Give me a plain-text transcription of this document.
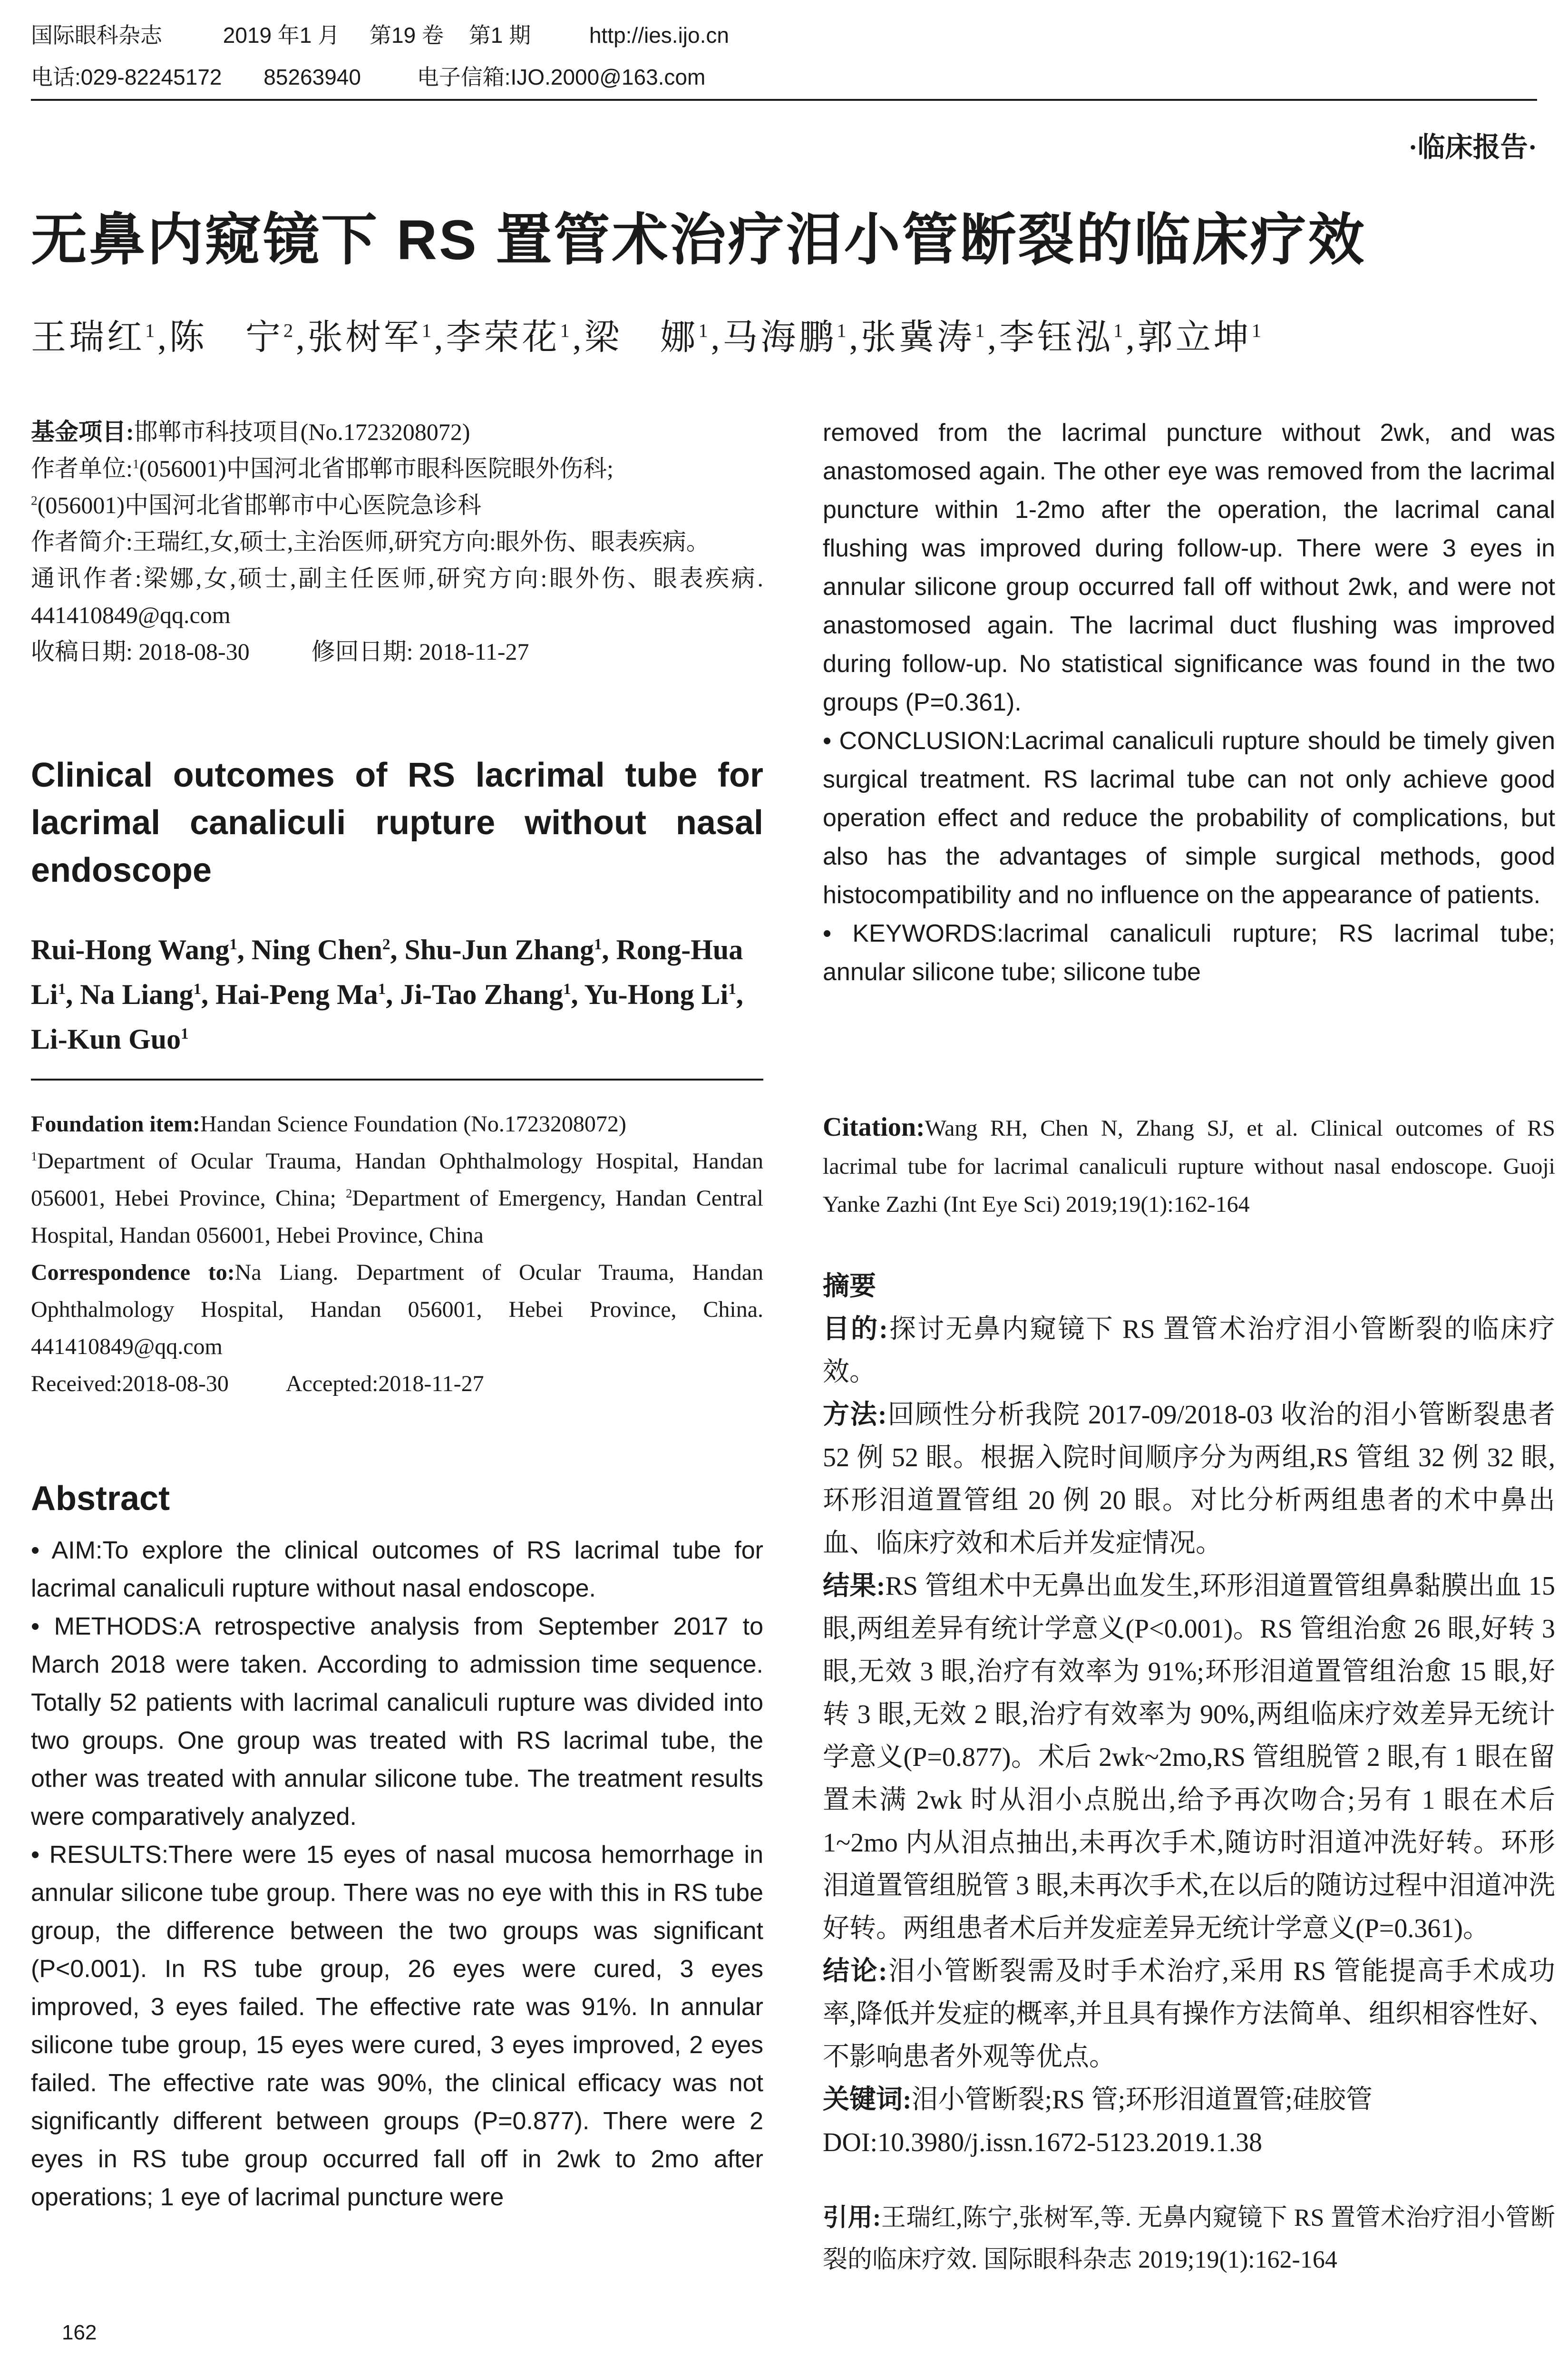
国际眼科杂志	2019 年1 月 第19 卷 第1 期	http://ies.ijo.cn
电话:029-82245172 85263940	电子信箱:IJO.2000@163.com
·临床报告·
无鼻内窥镜下 RS 置管术治疗泪小管断裂的临床疗效
王瑞红$^1$,陈　宁$^2$,张树军$^1$,李荣花$^1$,梁　娜$^1$,马海鹏$^1$,张冀涛$^1$,李钰泓$^1$,郭立坤$^1$

基金项目:邯郸市科技项目(No.1723208072)

作者单位:$^1$(056001)中国河北省邯郸市眼科医院眼外伤科;
$^2$(056001)中国河北省邯郸市中心医院急诊科

作者简介:王瑞红,女,硕士,主治医师,研究方向:眼外伤、眼表疾病。

通讯作者:梁娜,女,硕士,副主任医师,研究方向:眼外伤、眼表疾病. 441410849@qq.com

收稿日期: 2018-08-30	修回日期: 2018-11-27

Clinical outcomes of RS lacrimal tube for lacrimal canaliculi rupture without nasal endoscope
Rui-Hong Wang$^1$, Ning Chen$^2$, Shu-Jun Zhang$^1$, Rong-Hua Li$^1$, Na Liang$^1$, Hai-Peng Ma$^1$, Ji-Tao Zhang$^1$, Yu-Hong Li$^1$, Li-Kun Guo$^1$

Foundation item:Handan Science Foundation (No.1723208072)

$^1$Department of Ocular Trauma, Handan Ophthalmology Hospital, Handan 056001, Hebei Province, China; $^2$Department of Emergency, Handan Central Hospital, Handan 056001, Hebei Province, China

Correspondence to:Na Liang. Department of Ocular Trauma, Handan Ophthalmology Hospital, Handan 056001, Hebei Province, China. 441410849@qq.com

Received:2018-08-30	Accepted:2018-11-27

Abstract

• AIM:To explore the clinical outcomes of RS lacrimal tube for lacrimal canaliculi rupture without nasal endoscope.

• METHODS:A retrospective analysis from September 2017 to March 2018 were taken. According to admission time sequence. Totally 52 patients with lacrimal canaliculi rupture was divided into two groups. One group was treated with RS lacrimal tube, the other was treated with annular silicone tube. The treatment results were comparatively analyzed.

• RESULTS:There were 15 eyes of nasal mucosa hemorrhage in annular silicone tube group. There was no eye with this in RS tube group, the difference between the two groups was significant (P<0.001). In RS tube group, 26 eyes were cured, 3 eyes improved, 3 eyes failed. The effective rate was 91%. In annular silicone tube group, 15 eyes were cured, 3 eyes improved, 2 eyes failed. The effective rate was 90%, the clinical efficacy was not significantly different between groups (P=0.877). There were 2 eyes in RS tube group occurred fall off in 2wk to 2mo after operations; 1 eye of lacrimal puncture were

removed from the lacrimal puncture without 2wk, and was anastomosed again. The other eye was removed from the lacrimal puncture within 1-2mo after the operation, the lacrimal canal flushing was improved during follow-up. There were 3 eyes in annular silicone group occurred fall off without 2wk, and were not anastomosed again. The lacrimal duct flushing was improved during follow-up. No statistical significance was found in the two groups (P=0.361).

• CONCLUSION:Lacrimal canaliculi rupture should be timely given surgical treatment. RS lacrimal tube can not only achieve good operation effect and reduce the probability of complications, but also has the advantages of simple surgical methods, good histocompatibility and no influence on the appearance of patients.

• KEYWORDS:lacrimal canaliculi rupture; RS lacrimal tube; annular silicone tube; silicone tube

Citation:Wang RH, Chen N, Zhang SJ, et al. Clinical outcomes of RS lacrimal tube for lacrimal canaliculi rupture without nasal endoscope. Guoji Yanke Zazhi (Int Eye Sci) 2019;19(1):162-164

摘要

目的:探讨无鼻内窥镜下 RS 置管术治疗泪小管断裂的临床疗效。

方法:回顾性分析我院 2017-09/2018-03 收治的泪小管断裂患者 52 例 52 眼。根据入院时间顺序分为两组,RS 管组 32 例 32 眼,环形泪道置管组 20 例 20 眼。对比分析两组患者的术中鼻出血、临床疗效和术后并发症情况。

结果:RS 管组术中无鼻出血发生,环形泪道置管组鼻黏膜出血 15 眼,两组差异有统计学意义(P<0.001)。RS 管组治愈 26 眼,好转 3 眼,无效 3 眼,治疗有效率为 91%;环形泪道置管组治愈 15 眼,好转 3 眼,无效 2 眼,治疗有效率为 90%,两组临床疗效差异无统计学意义(P=0.877)。术后 2wk~2mo,RS 管组脱管 2 眼,有 1 眼在留置未满 2wk 时从泪小点脱出,给予再次吻合;另有 1 眼在术后 1~2mo 内从泪点抽出,未再次手术,随访时泪道冲洗好转。环形泪道置管组脱管 3 眼,未再次手术,在以后的随访过程中泪道冲洗好转。两组患者术后并发症差异无统计学意义(P=0.361)。

结论:泪小管断裂需及时手术治疗,采用 RS 管能提高手术成功率,降低并发症的概率,并且具有操作方法简单、组织相容性好、不影响患者外观等优点。

关键词:泪小管断裂;RS 管;环形泪道置管;硅胶管

DOI:10.3980/j.issn.1672-5123.2019.1.38

引用:王瑞红,陈宁,张树军,等. 无鼻内窥镜下 RS 置管术治疗泪小管断裂的临床疗效. 国际眼科杂志 2019;19(1):162-164
162
